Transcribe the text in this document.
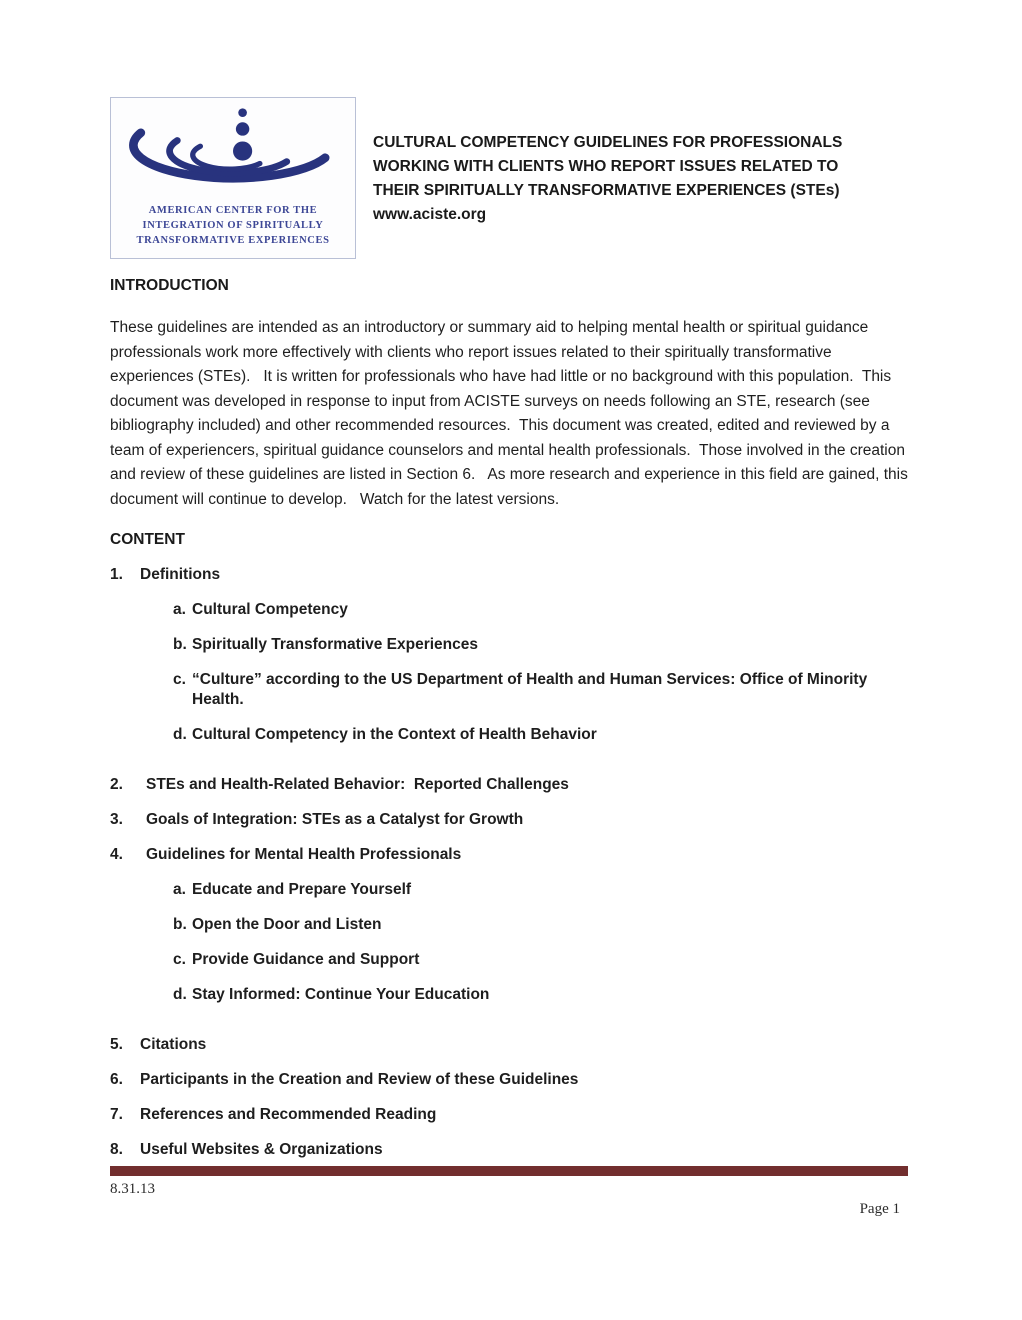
AMERICAN CENTER FOR THE
INTEGRATION OF SPIRITUALLY
TRANSFORMATIVE EXPERIENCES
CULTURAL COMPETENCY GUIDELINES FOR PROFESSIONALS
WORKING WITH CLIENTS WHO REPORT ISSUES RELATED TO
THEIR SPIRITUALLY TRANSFORMATIVE EXPERIENCES (STEs)
www.aciste.org
INTRODUCTION
These guidelines are intended as an introductory or summary aid to helping mental health or spiritual guidance professionals work more effectively with clients who report issues related to their spiritually transformative experiences (STEs).   It is written for professionals who have had little or no background with this population.  This document was developed in response to input from ACISTE surveys on needs following an STE, research (see bibliography included) and other recommended resources.  This document was created, edited and reviewed by a team of experiencers, spiritual guidance counselors and mental health professionals.  Those involved in the creation and review of these guidelines are listed in Section 6.   As more research and experience in this field are gained, this document will continue to develop.   Watch for the latest versions.
CONTENT
1.	Definitions
a. Cultural Competency
b. Spiritually Transformative Experiences
c. “Culture” according to the US Department of Health and Human Services: Office of Minority Health.
d. Cultural Competency in the Context of Health Behavior
2.	STEs and Health-Related Behavior:  Reported Challenges
3.	Goals of Integration: STEs as a Catalyst for Growth
4.	Guidelines for Mental Health Professionals
a. Educate and Prepare Yourself
b. Open the Door and Listen
c. Provide Guidance and Support
d. Stay Informed: Continue Your Education
5.	Citations
6.	Participants in the Creation and Review of these Guidelines
7.	References and Recommended Reading
8.	Useful Websites & Organizations
8.31.13
Page 1
